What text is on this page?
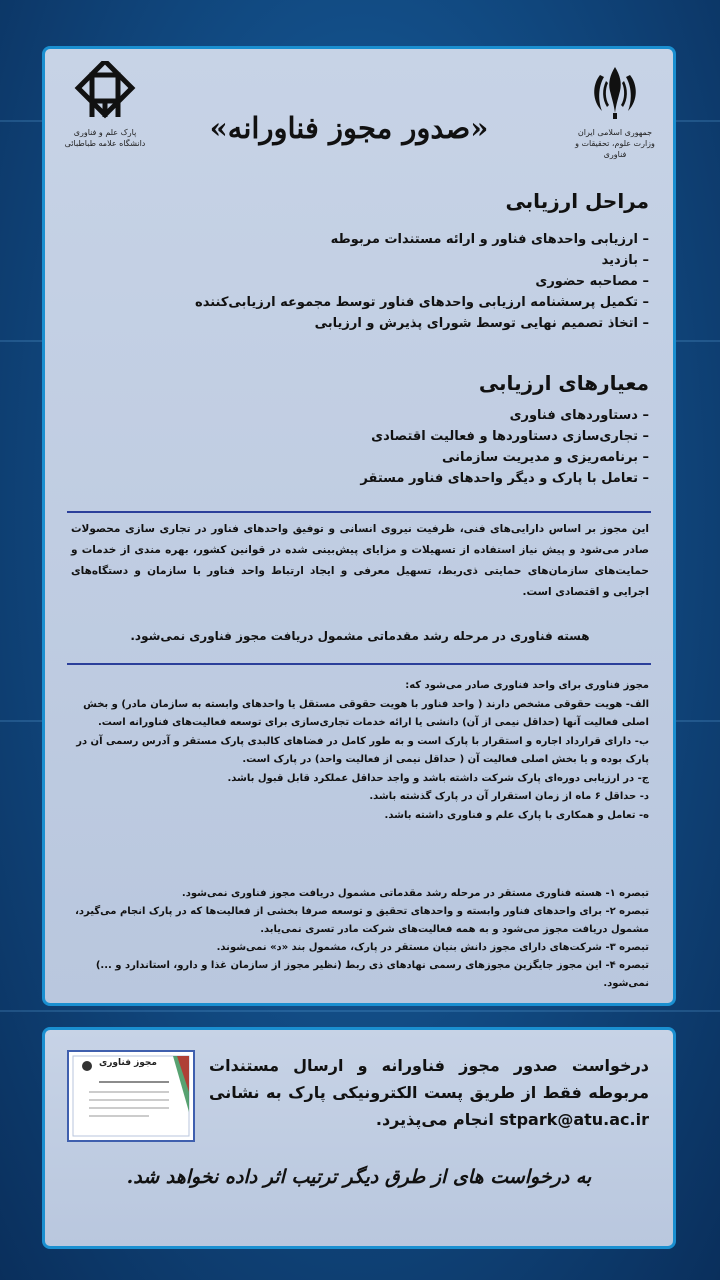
جمهوری اسلامی ایران
وزارت علوم، تحقیقات و فناوری
«صدور مجوز فناورانه»
پارک علم و فناوری
دانشگاه علامه طباطبائی
مراحل ارزیابی
– ارزیابی واحدهای فناور و ارائه مستندات مربوطه
– بازدید
– مصاحبه حضوری
– تکمیل پرسشنامه ارزیابی واحدهای فناور توسط مجموعه ارزیابی‌کننده
– اتخاذ تصمیم نهایی توسط شورای پذیرش و ارزیابی
معیارهای ارزیابی
– دستاوردهای فناوری
– تجاری‌سازی دستاوردها و فعالیت اقتصادی
– برنامه‌ریزی و مدیریت سازمانی
– تعامل با پارک و دیگر واحدهای فناور مستقر
این مجوز بر اساس دارایی‌های فنی، ظرفیت نیروی انسانی و توفیق واحدهای فناور در تجاری سازی محصولات صادر می‌شود و پیش نیاز استفاده از تسهیلات و مزایای پیش‌بینی شده در قوانین کشور، بهره مندی از خدمات و حمایت‌های سازمان‌های حمایتی ذی‌ربط، تسهیل معرفی و ایجاد ارتباط واحد فناور با سازمان و دستگاه‌های اجرایی و اقتصادی است.
هسته فناوری در مرحله رشد مقدماتی مشمول دریافت مجوز فناوری نمی‌شود.

مجوز فناوری برای واحد فناوری صادر می‌شود که:

الف- هویت حقوقی مشخص دارند ( واحد فناور با هویت حقوقی مستقل یا واحدهای وابسته به سازمان مادر) و بخش اصلی فعالیت آنها (حداقل نیمی از آن) دانشی یا ارائه خدمات تجاری‌سازی برای توسعه فعالیت‌های فناورانه است.

ب- دارای قرارداد اجاره و استقرار با پارک است و به طور کامل در فضاهای کالبدی پارک مستقر و آدرس رسمی آن در پارک بوده و یا بخش اصلی فعالیت آن ( حداقل نیمی از فعالیت واحد) در پارک است.

ج- در ارزیابی دوره‌ای پارک شرکت داشته باشد و واجد حداقل عملکرد قابل قبول باشد.

د- حداقل ۶ ماه از زمان استقرار آن در پارک گذشته باشد.

ه- تعامل و همکاری با پارک علم و فناوری داشته باشد.

تبصره ۱- هسته فناوری مستقر در مرحله رشد مقدماتی مشمول دریافت مجوز فناوری نمی‌شود.

تبصره ۲- برای واحدهای فناور وابسته و واحدهای تحقیق و توسعه صرفا بخشی از فعالیت‌ها که در پارک انجام می‌گیرد، مشمول دریافت مجوز می‌شود و به همه فعالیت‌های شرکت مادر تسری نمی‌یابد.

تبصره ۳- شرکت‌های دارای مجوز دانش بنیان مستقر در پارک، مشمول بند «د» نمی‌شوند.

تبصره ۴- این مجوز جایگزین مجوزهای رسمی نهادهای ذی ربط (نظیر مجوز از سازمان غذا و دارو، استاندارد و ...) نمی‌شود.

درخواست صدور مجوز فناورانه و ارسال مستندات مربوطه فقط از طریق پست الکترونیکی پارک به نشانی stpark@atu.ac.ir انجام می‌پذیرد.
مجوز فناوری
به درخواست های از طرق دیگر ترتیب اثر داده نخواهد شد.
